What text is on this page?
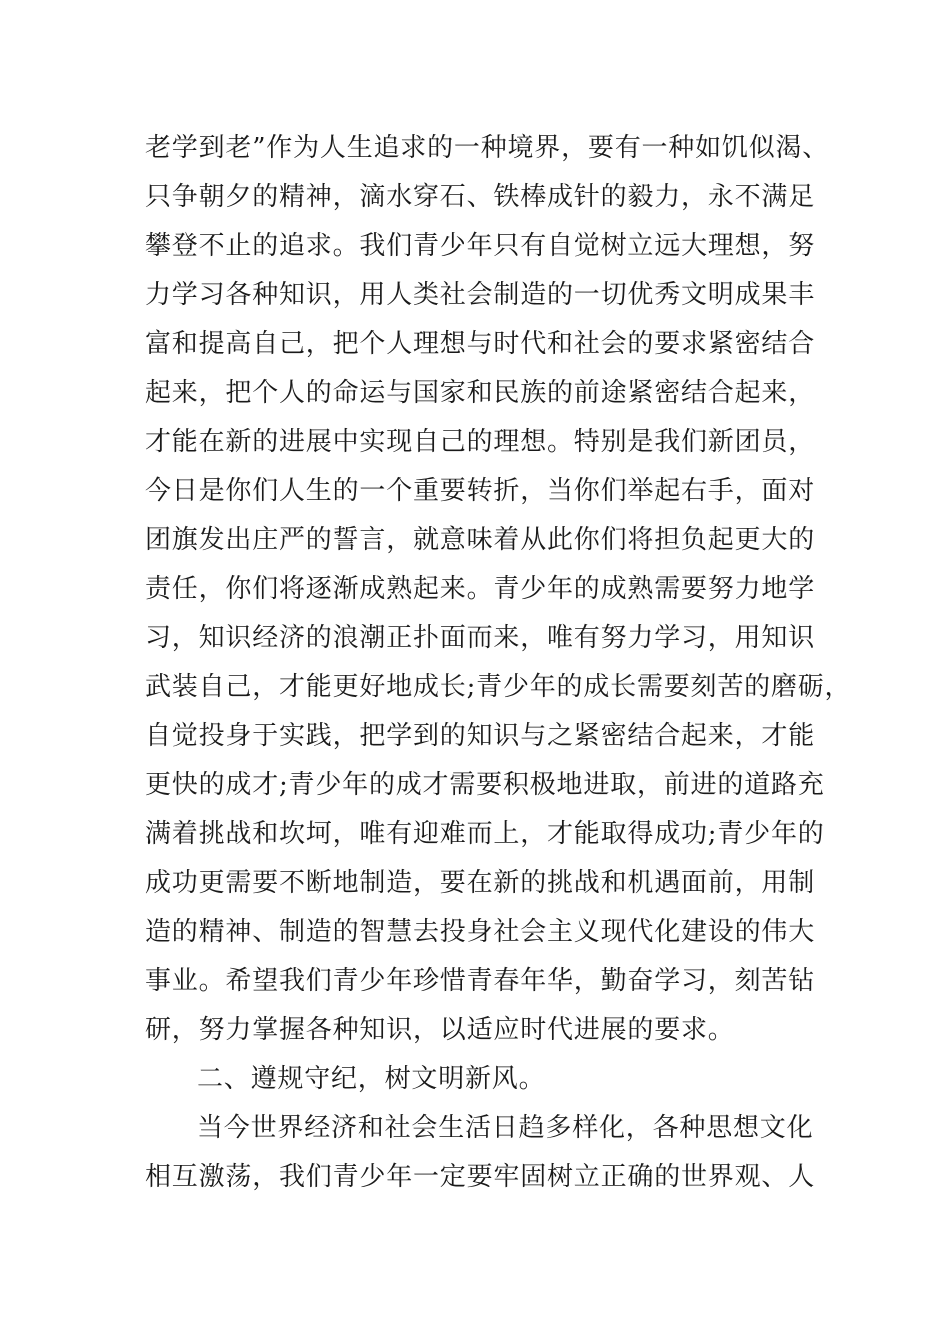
老学到老”作为人生追求的一种境界，要有一种如饥似渴、
只争朝夕的精神，滴水穿石、铁棒成针的毅力，永不满足
攀登不止的追求。我们青少年只有自觉树立远大理想，努
力学习各种知识，用人类社会制造的一切优秀文明成果丰
富和提高自己，把个人理想与时代和社会的要求紧密结合
起来，把个人的命运与国家和民族的前途紧密结合起来，
才能在新的进展中实现自己的理想。特别是我们新团员，
今日是你们人生的一个重要转折，当你们举起右手，面对
团旗发出庄严的誓言，就意味着从此你们将担负起更大的
责任，你们将逐渐成熟起来。青少年的成熟需要努力地学
习，知识经济的浪潮正扑面而来，唯有努力学习，用知识
武装自己，才能更好地成长;青少年的成长需要刻苦的磨砺，
自觉投身于实践，把学到的知识与之紧密结合起来，才能
更快的成才;青少年的成才需要积极地进取，前进的道路充
满着挑战和坎坷，唯有迎难而上，才能取得成功;青少年的
成功更需要不断地制造，要在新的挑战和机遇面前，用制
造的精神、制造的智慧去投身社会主义现代化建设的伟大
事业。希望我们青少年珍惜青春年华，勤奋学习，刻苦钻
研，努力掌握各种知识，以适应时代进展的要求。
二、遵规守纪，树文明新风。
当今世界经济和社会生活日趋多样化，各种思想文化
相互激荡，我们青少年一定要牢固树立正确的世界观、人
